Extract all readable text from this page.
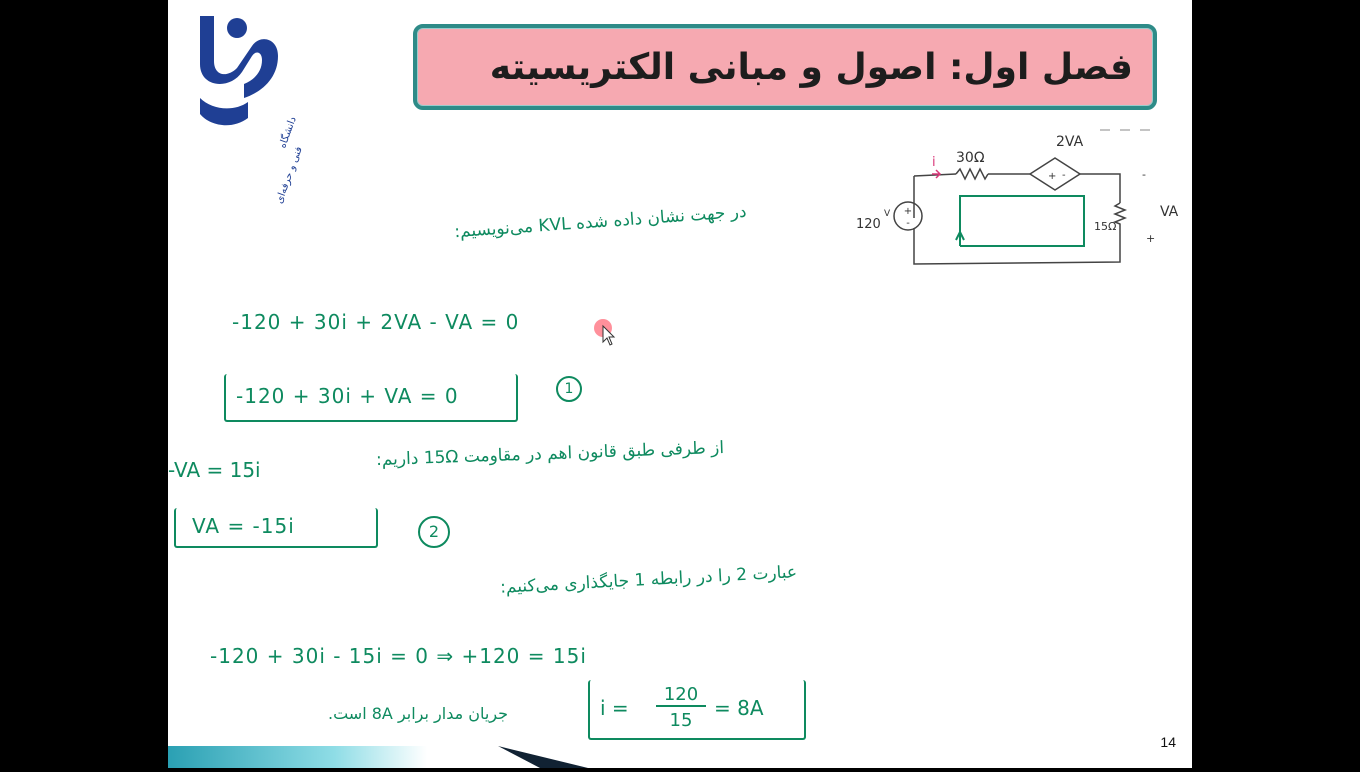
دانشگاه
فنی و حرفه‌ای
فصل اول: اصول و مبانی الکتریسیته
+
-
+ -
120
V
30Ω
i
2VA
15Ω
VA
-
+
در جهت نشان داده شده KVL می‌نویسیم:
-120 + 30i + 2VA - VA = 0
-120 + 30i + VA = 0	1
از طرفی طبق قانون اهم در مقاومت 15Ω داریم:
-VA = 15i
VA = -15i	2
عبارت 2 را در رابطه 1 جایگذاری می‌کنیم:
-120 + 30i - 15i = 0 ⇒ +120 = 15i
جریان مدار برابر 8A است.	i =
120
15
= 8A
14
